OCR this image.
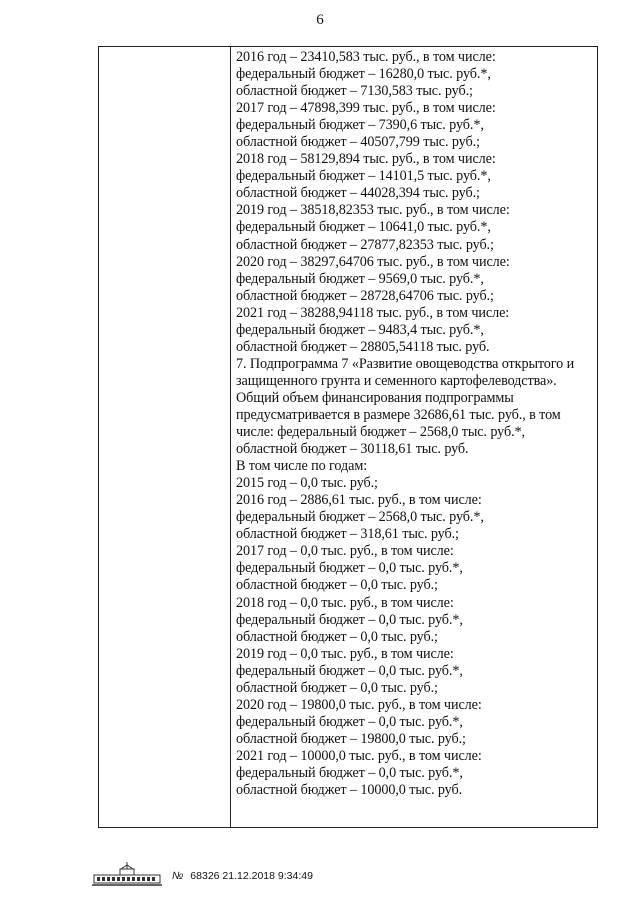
6
2016 год – 23410,583 тыс. руб., в том числе:
федеральный бюджет – 16280,0 тыс. руб.*,
областной бюджет – 7130,583 тыс. руб.;
2017 год – 47898,399 тыс. руб., в том числе:
федеральный бюджет – 7390,6 тыс. руб.*,
областной бюджет – 40507,799 тыс. руб.;
2018 год – 58129,894 тыс. руб., в том числе:
федеральный бюджет – 14101,5 тыс. руб.*,
областной бюджет – 44028,394 тыс. руб.;
2019 год – 38518,82353 тыс. руб., в том числе:
федеральный бюджет – 10641,0 тыс. руб.*,
областной бюджет – 27877,82353 тыс. руб.;
2020 год – 38297,64706 тыс. руб., в том числе:
федеральный бюджет – 9569,0 тыс. руб.*,
областной бюджет – 28728,64706 тыс. руб.;
2021 год – 38288,94118 тыс. руб., в том числе:
федеральный бюджет – 9483,4 тыс. руб.*,
областной бюджет – 28805,54118 тыс. руб.
7. Подпрограмма 7 «Развитие овощеводства открытого и
защищенного грунта и семенного картофелеводства».
Общий объем финансирования подпрограммы
предусматривается в размере 32686,61 тыс. руб., в том
числе: федеральный бюджет – 2568,0 тыс. руб.*,
областной бюджет – 30118,61 тыс. руб.
В том числе по годам:
2015 год – 0,0 тыс. руб.;
2016 год – 2886,61 тыс. руб., в том числе:
федеральный бюджет – 2568,0 тыс. руб.*,
областной бюджет – 318,61 тыс. руб.;
2017 год – 0,0 тыс. руб., в том числе:
федеральный бюджет – 0,0 тыс. руб.*,
областной бюджет – 0,0 тыс. руб.;
2018 год – 0,0 тыс. руб., в том числе:
федеральный бюджет – 0,0 тыс. руб.*,
областной бюджет – 0,0 тыс. руб.;
2019 год – 0,0 тыс. руб., в том числе:
федеральный бюджет – 0,0 тыс. руб.*,
областной бюджет – 0,0 тыс. руб.;
2020 год – 19800,0 тыс. руб., в том числе:
федеральный бюджет – 0,0 тыс. руб.*,
областной бюджет – 19800,0 тыс. руб.;
2021 год – 10000,0 тыс. руб., в том числе:
федеральный бюджет – 0,0 тыс. руб.*,
областной бюджет – 10000,0 тыс. руб.
№ 68326 21.12.2018 9:34:49
